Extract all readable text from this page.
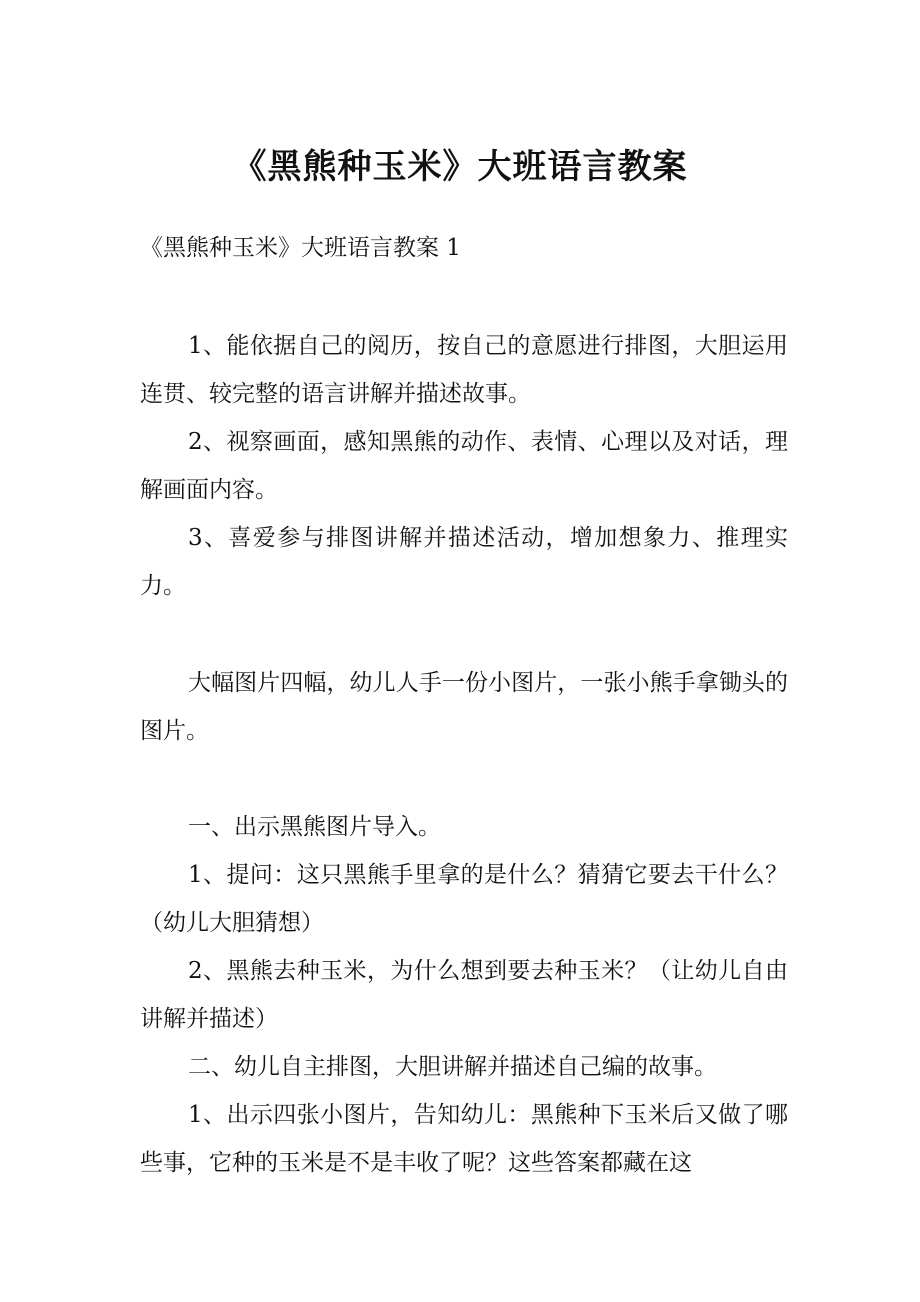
《黑熊种玉米》大班语言教案
《黑熊种玉米》大班语言教案 1
1、能依据自己的阅历，按自己的意愿进行排图，大胆运用连贯、较完整的语言讲解并描述故事。
2、视察画面，感知黑熊的动作、表情、心理以及对话，理解画面内容。
3、喜爱参与排图讲解并描述活动，增加想象力、推理实力。
大幅图片四幅，幼儿人手一份小图片，一张小熊手拿锄头的图片。
一、出示黑熊图片导入。
1、提问：这只黑熊手里拿的是什么？猜猜它要去干什么？（幼儿大胆猜想）
2、黑熊去种玉米，为什么想到要去种玉米？（让幼儿自由讲解并描述）
二、幼儿自主排图，大胆讲解并描述自己编的故事。
1、出示四张小图片，告知幼儿：黑熊种下玉米后又做了哪些事，它种的玉米是不是丰收了呢？这些答案都藏在这
